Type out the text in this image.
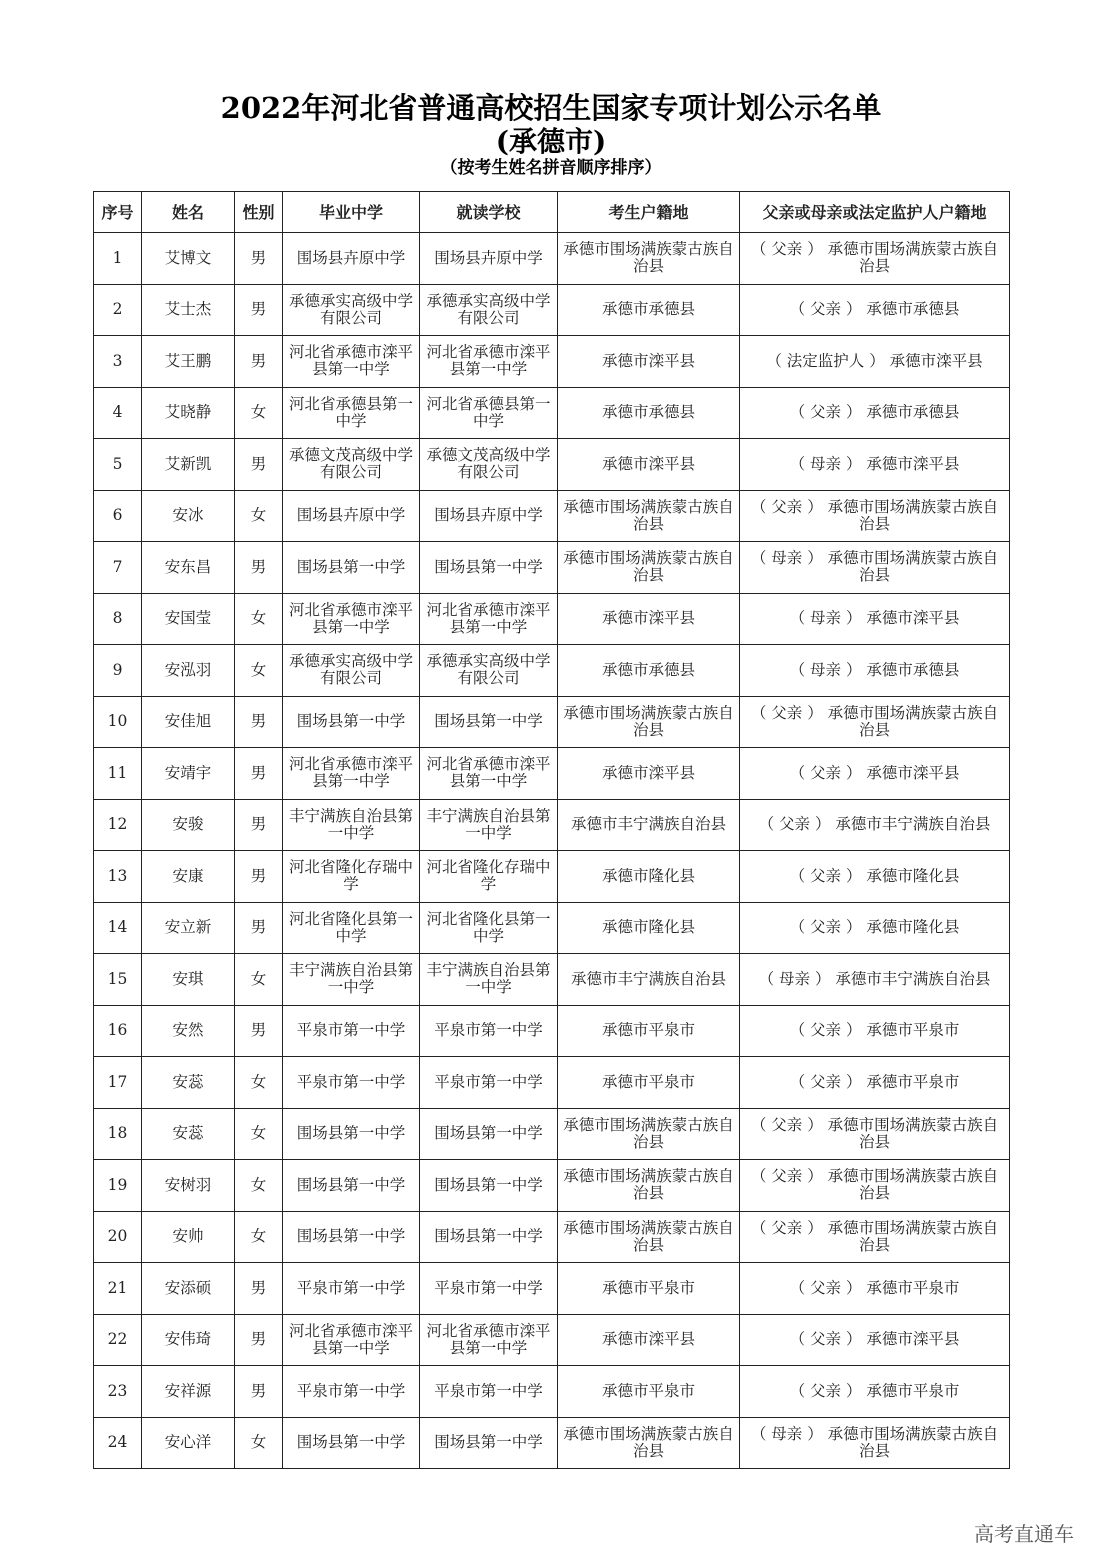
2022年河北省普通高校招生国家专项计划公示名单
(承德市)
（按考生姓名拼音顺序排序）
序号	姓名	性别	毕业中学	就读学校	考生户籍地	父亲或母亲或法定监护人户籍地
1	艾博文	男	围场县卉原中学	围场县卉原中学	承德市围场满族蒙古族自治县	（ 父亲 ） 承德市围场满族蒙古族自治县
2	艾士杰	男	承德承实高级中学有限公司	承德承实高级中学有限公司	承德市承德县	（ 父亲 ） 承德市承德县
3	艾王鹏	男	河北省承德市滦平县第一中学	河北省承德市滦平县第一中学	承德市滦平县	（ 法定监护人 ） 承德市滦平县
4	艾晓静	女	河北省承德县第一中学	河北省承德县第一中学	承德市承德县	（ 父亲 ） 承德市承德县
5	艾新凯	男	承德文茂高级中学有限公司	承德文茂高级中学有限公司	承德市滦平县	（ 母亲 ） 承德市滦平县
6	安冰	女	围场县卉原中学	围场县卉原中学	承德市围场满族蒙古族自治县	（ 父亲 ） 承德市围场满族蒙古族自治县
7	安东昌	男	围场县第一中学	围场县第一中学	承德市围场满族蒙古族自治县	（ 母亲 ） 承德市围场满族蒙古族自治县
8	安国莹	女	河北省承德市滦平县第一中学	河北省承德市滦平县第一中学	承德市滦平县	（ 母亲 ） 承德市滦平县
9	安泓羽	女	承德承实高级中学有限公司	承德承实高级中学有限公司	承德市承德县	（ 母亲 ） 承德市承德县
10	安佳旭	男	围场县第一中学	围场县第一中学	承德市围场满族蒙古族自治县	（ 父亲 ） 承德市围场满族蒙古族自治县
11	安靖宇	男	河北省承德市滦平县第一中学	河北省承德市滦平县第一中学	承德市滦平县	（ 父亲 ） 承德市滦平县
12	安骏	男	丰宁满族自治县第一中学	丰宁满族自治县第一中学	承德市丰宁满族自治县	（ 父亲 ） 承德市丰宁满族自治县
13	安康	男	河北省隆化存瑞中学	河北省隆化存瑞中学	承德市隆化县	（ 父亲 ） 承德市隆化县
14	安立新	男	河北省隆化县第一中学	河北省隆化县第一中学	承德市隆化县	（ 父亲 ） 承德市隆化县
15	安琪	女	丰宁满族自治县第一中学	丰宁满族自治县第一中学	承德市丰宁满族自治县	（ 母亲 ） 承德市丰宁满族自治县
16	安然	男	平泉市第一中学	平泉市第一中学	承德市平泉市	（ 父亲 ） 承德市平泉市
17	安蕊	女	平泉市第一中学	平泉市第一中学	承德市平泉市	（ 父亲 ） 承德市平泉市
18	安蕊	女	围场县第一中学	围场县第一中学	承德市围场满族蒙古族自治县	（ 父亲 ） 承德市围场满族蒙古族自治县
19	安树羽	女	围场县第一中学	围场县第一中学	承德市围场满族蒙古族自治县	（ 父亲 ） 承德市围场满族蒙古族自治县
20	安帅	女	围场县第一中学	围场县第一中学	承德市围场满族蒙古族自治县	（ 父亲 ） 承德市围场满族蒙古族自治县
21	安添硕	男	平泉市第一中学	平泉市第一中学	承德市平泉市	（ 父亲 ） 承德市平泉市
22	安伟琦	男	河北省承德市滦平县第一中学	河北省承德市滦平县第一中学	承德市滦平县	（ 父亲 ） 承德市滦平县
23	安祥源	男	平泉市第一中学	平泉市第一中学	承德市平泉市	（ 父亲 ） 承德市平泉市
24	安心洋	女	围场县第一中学	围场县第一中学	承德市围场满族蒙古族自治县	（ 母亲 ） 承德市围场满族蒙古族自治县
高考直通车
